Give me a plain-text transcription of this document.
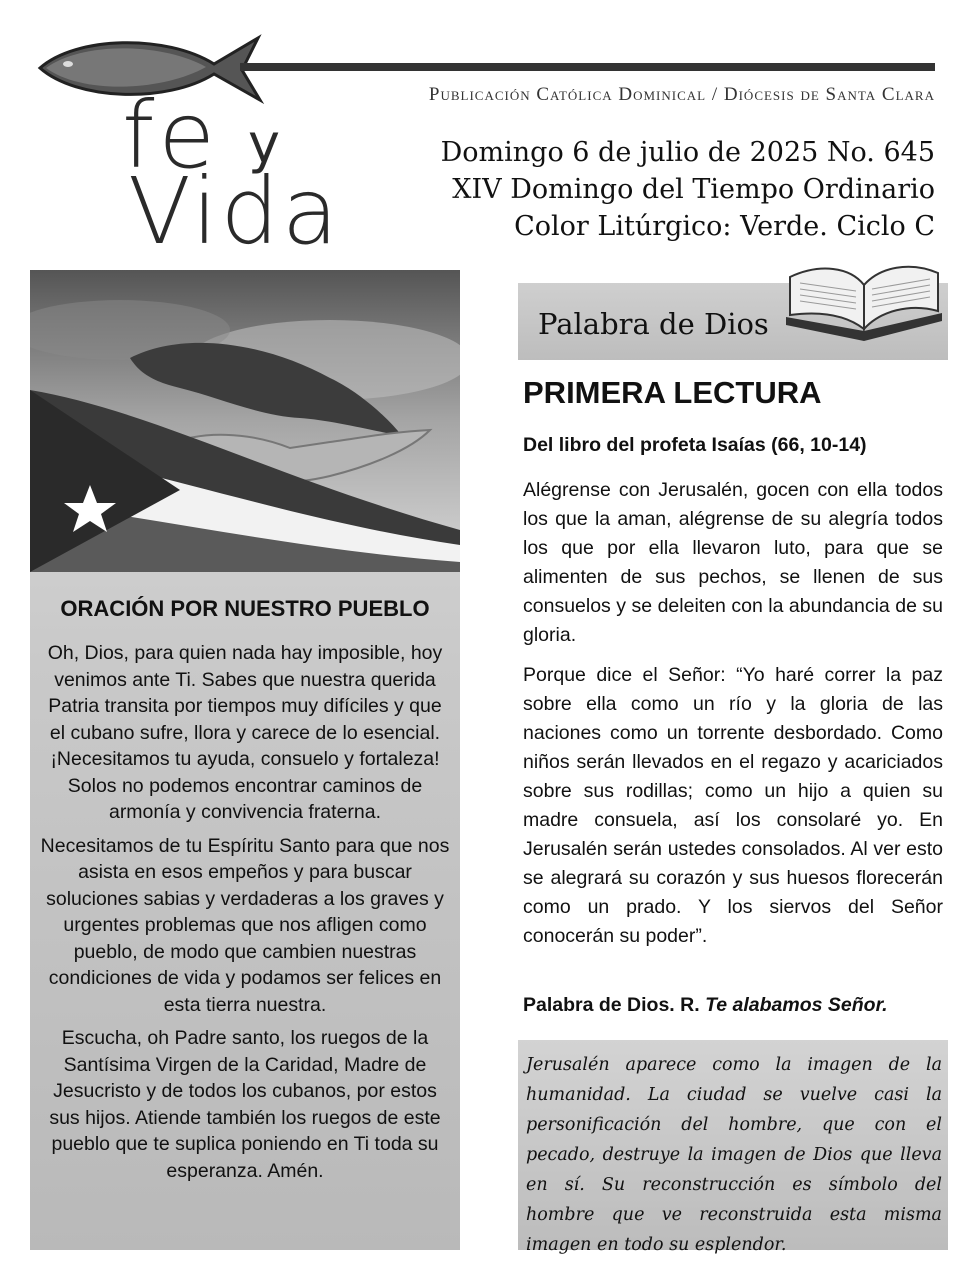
fe y
Vida
Publicación Católica Dominical / Diócesis de Santa Clara
Domingo 6 de julio de 2025 No. 645
XIV Domingo del Tiempo Ordinario
Color Litúrgico: Verde. Ciclo C
ORACIÓN POR NUESTRO PUEBLO

Oh, Dios, para quien nada hay imposible, hoy venimos ante Ti. Sabes que nuestra querida Patria transita por tiempos muy difíciles y que el cubano sufre, llora y carece de lo esencial. ¡Necesitamos tu ayuda, consuelo y fortaleza! Solos no podemos encontrar caminos de armonía y convivencia fraterna.

Necesitamos de tu Espíritu Santo para que nos asista en esos empeños y para buscar soluciones sabias y verdaderas a los graves y urgentes problemas que nos afligen como pueblo, de modo que cambien nuestras condiciones de vida y podamos ser felices en esta tierra nuestra.

Escucha, oh Padre santo, los ruegos de la Santísima Virgen de la Caridad, Madre de Jesucristo y de todos los cubanos, por estos sus hijos. Atiende también los ruegos de este pueblo que te suplica poniendo en Ti toda su esperanza. Amén.

Palabra de Dios
PRIMERA LECTURA
Del libro del profeta Isaías (66, 10-14)

Alégrense con Jerusalén, gocen con ella todos los que la aman, alégrense de su alegría todos los que por ella llevaron luto, para que se alimenten de sus pechos, se llenen de sus consuelos y se deleiten con la abundancia de su gloria.

Porque dice el Señor: “Yo haré correr la paz sobre ella como un río y la gloria de las naciones como un torrente desbordado. Como niños serán llevados en el regazo y acariciados sobre sus rodillas; como un hijo a quien su madre consuela, así los consolaré yo. En Jerusalén serán ustedes consolados. Al ver esto se alegrará su corazón y sus huesos florecerán como un prado. Y los siervos del Señor conocerán su poder”.

Palabra de Dios. R. Te alabamos Señor.
Jerusalén aparece como la imagen de la humanidad. La ciudad se vuelve casi la personificación del hombre, que con el pecado, destruye la imagen de Dios que lleva en sí. Su reconstrucción es símbolo del hombre que ve reconstruida esta misma imagen en todo su esplendor.
